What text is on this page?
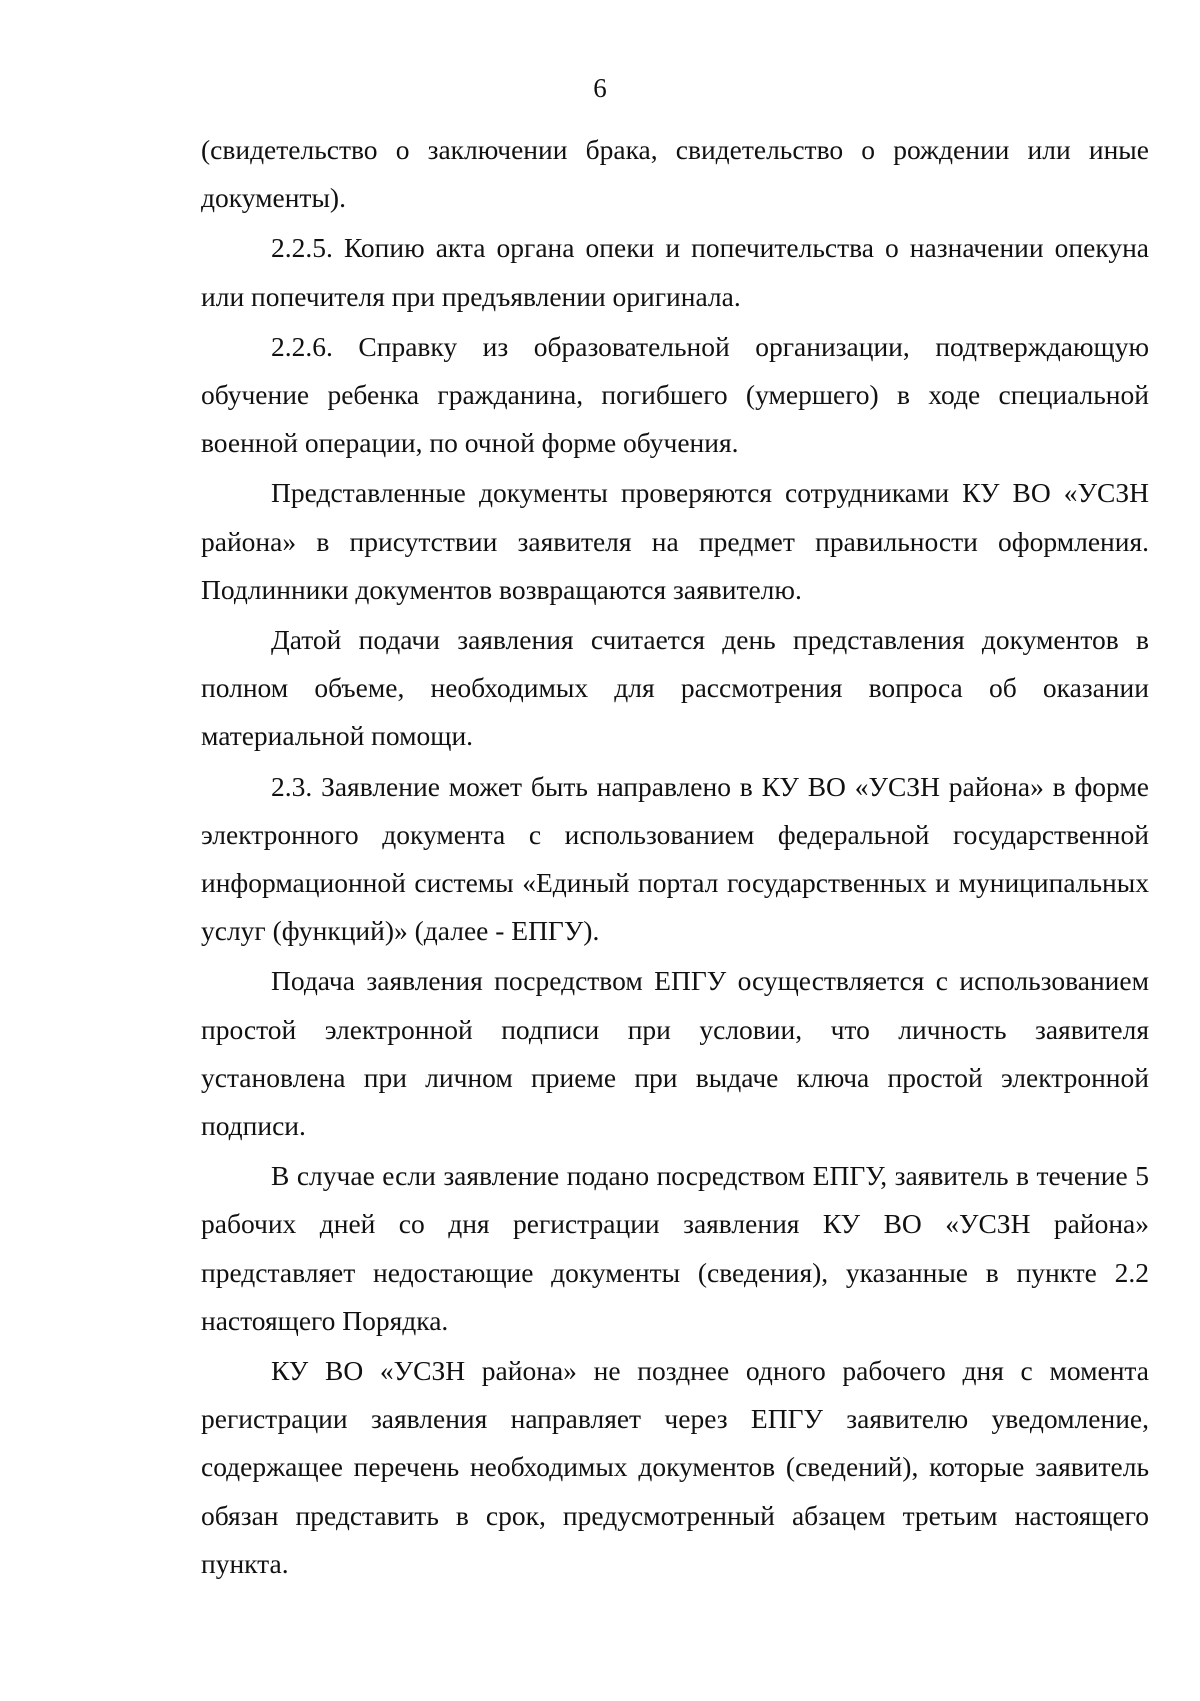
6

(свидетельство о заключении брака, свидетельство о рождении или иные документы).

2.2.5. Копию акта органа опеки и попечительства о назначении опекуна или попечителя при предъявлении оригинала.

2.2.6. Справку из образовательной организации, подтверждающую обучение ребенка гражданина, погибшего (умершего) в ходе специальной военной операции, по очной форме обучения.

Представленные документы проверяются сотрудниками КУ ВО «УСЗН района» в присутствии заявителя на предмет правильности оформления. Подлинники документов возвращаются заявителю.

Датой подачи заявления считается день представления документов в полном объеме, необходимых для рассмотрения вопроса об оказании материальной помощи.

2.3. Заявление может быть направлено в КУ ВО «УСЗН района» в форме электронного документа с использованием федеральной государственной информационной системы «Единый портал государственных и муниципальных услуг (функций)» (далее - ЕПГУ).

Подача заявления посредством ЕПГУ осуществляется с использованием простой электронной подписи при условии, что личность заявителя установлена при личном приеме при выдаче ключа простой электронной подписи.

В случае если заявление подано посредством ЕПГУ, заявитель в течение 5 рабочих дней со дня регистрации заявления КУ ВО «УСЗН района» представляет недостающие документы (сведения), указанные в пункте 2.2 настоящего Порядка.

КУ ВО «УСЗН района» не позднее одного рабочего дня с момента регистрации заявления направляет через ЕПГУ заявителю уведомление, содержащее перечень необходимых документов (сведений), которые заявитель обязан представить в срок, предусмотренный абзацем третьим настоящего пункта.
